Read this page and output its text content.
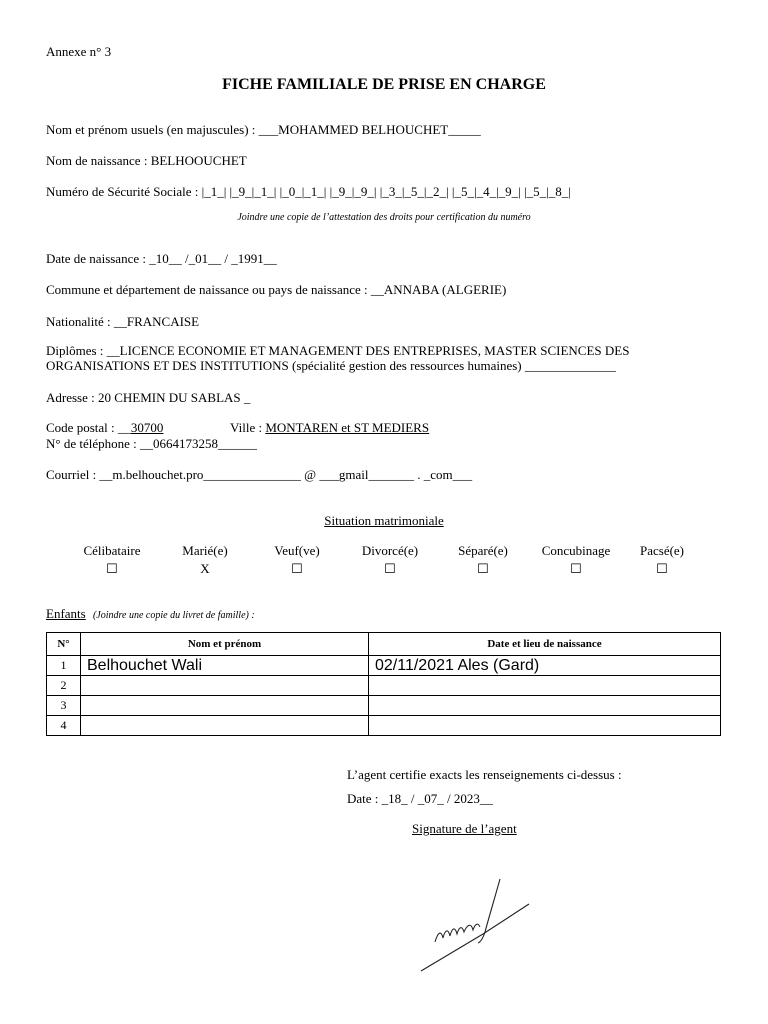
Annexe n° 3
FICHE FAMILIALE DE PRISE EN CHARGE
Nom et prénom usuels (en majuscules) : ___MOHAMMED BELHOUCHET_____
Nom de naissance : BELHOOUCHET
Numéro de Sécurité Sociale : |_1_| |_9_|_1_| |_0_|_1_| |_9_|_9_| |_3_|_5_|_2_| |_5_|_4_|_9_| |_5_|_8_|
Joindre une copie de l’attestation des droits pour certification du numéro
Date de naissance : _10__ /_01__ / _1991__
Commune et département de naissance ou pays de naissance : __ANNABA (ALGERIE)
Nationalité : __FRANCAISE
Diplômes : __LICENCE ECONOMIE ET MANAGEMENT DES ENTREPRISES, MASTER SCIENCES DES
ORGANISATIONS ET DES INSTITUTIONS (spécialité gestion des ressources humaines) ______________
Adresse : 20 CHEMIN DU SABLAS _
Code postal : __30700	Ville : MONTAREN et ST MEDIERS
N° de téléphone : __0664173258______
Courriel : __m.belhouchet.pro_______________ @ ___gmail_______ . _com___
Situation matrimoniale
Célibataire
☐
Marié(e)
X
Veuf(ve)
☐
Divorcé(e)
☐
Séparé(e)
☐
Concubinage
☐
Pacsé(e)
☐
Enfants (Joindre une copie du livret de famille) :
N°	Nom et prénom	Date et lieu de naissance
1	Belhouchet Wali	02/11/2021 Ales (Gard)
2		
3		
4		
L’agent certifie exacts les renseignements ci-dessus :
Date : _18_ / _07_ / 2023__
Signature de l’agent
